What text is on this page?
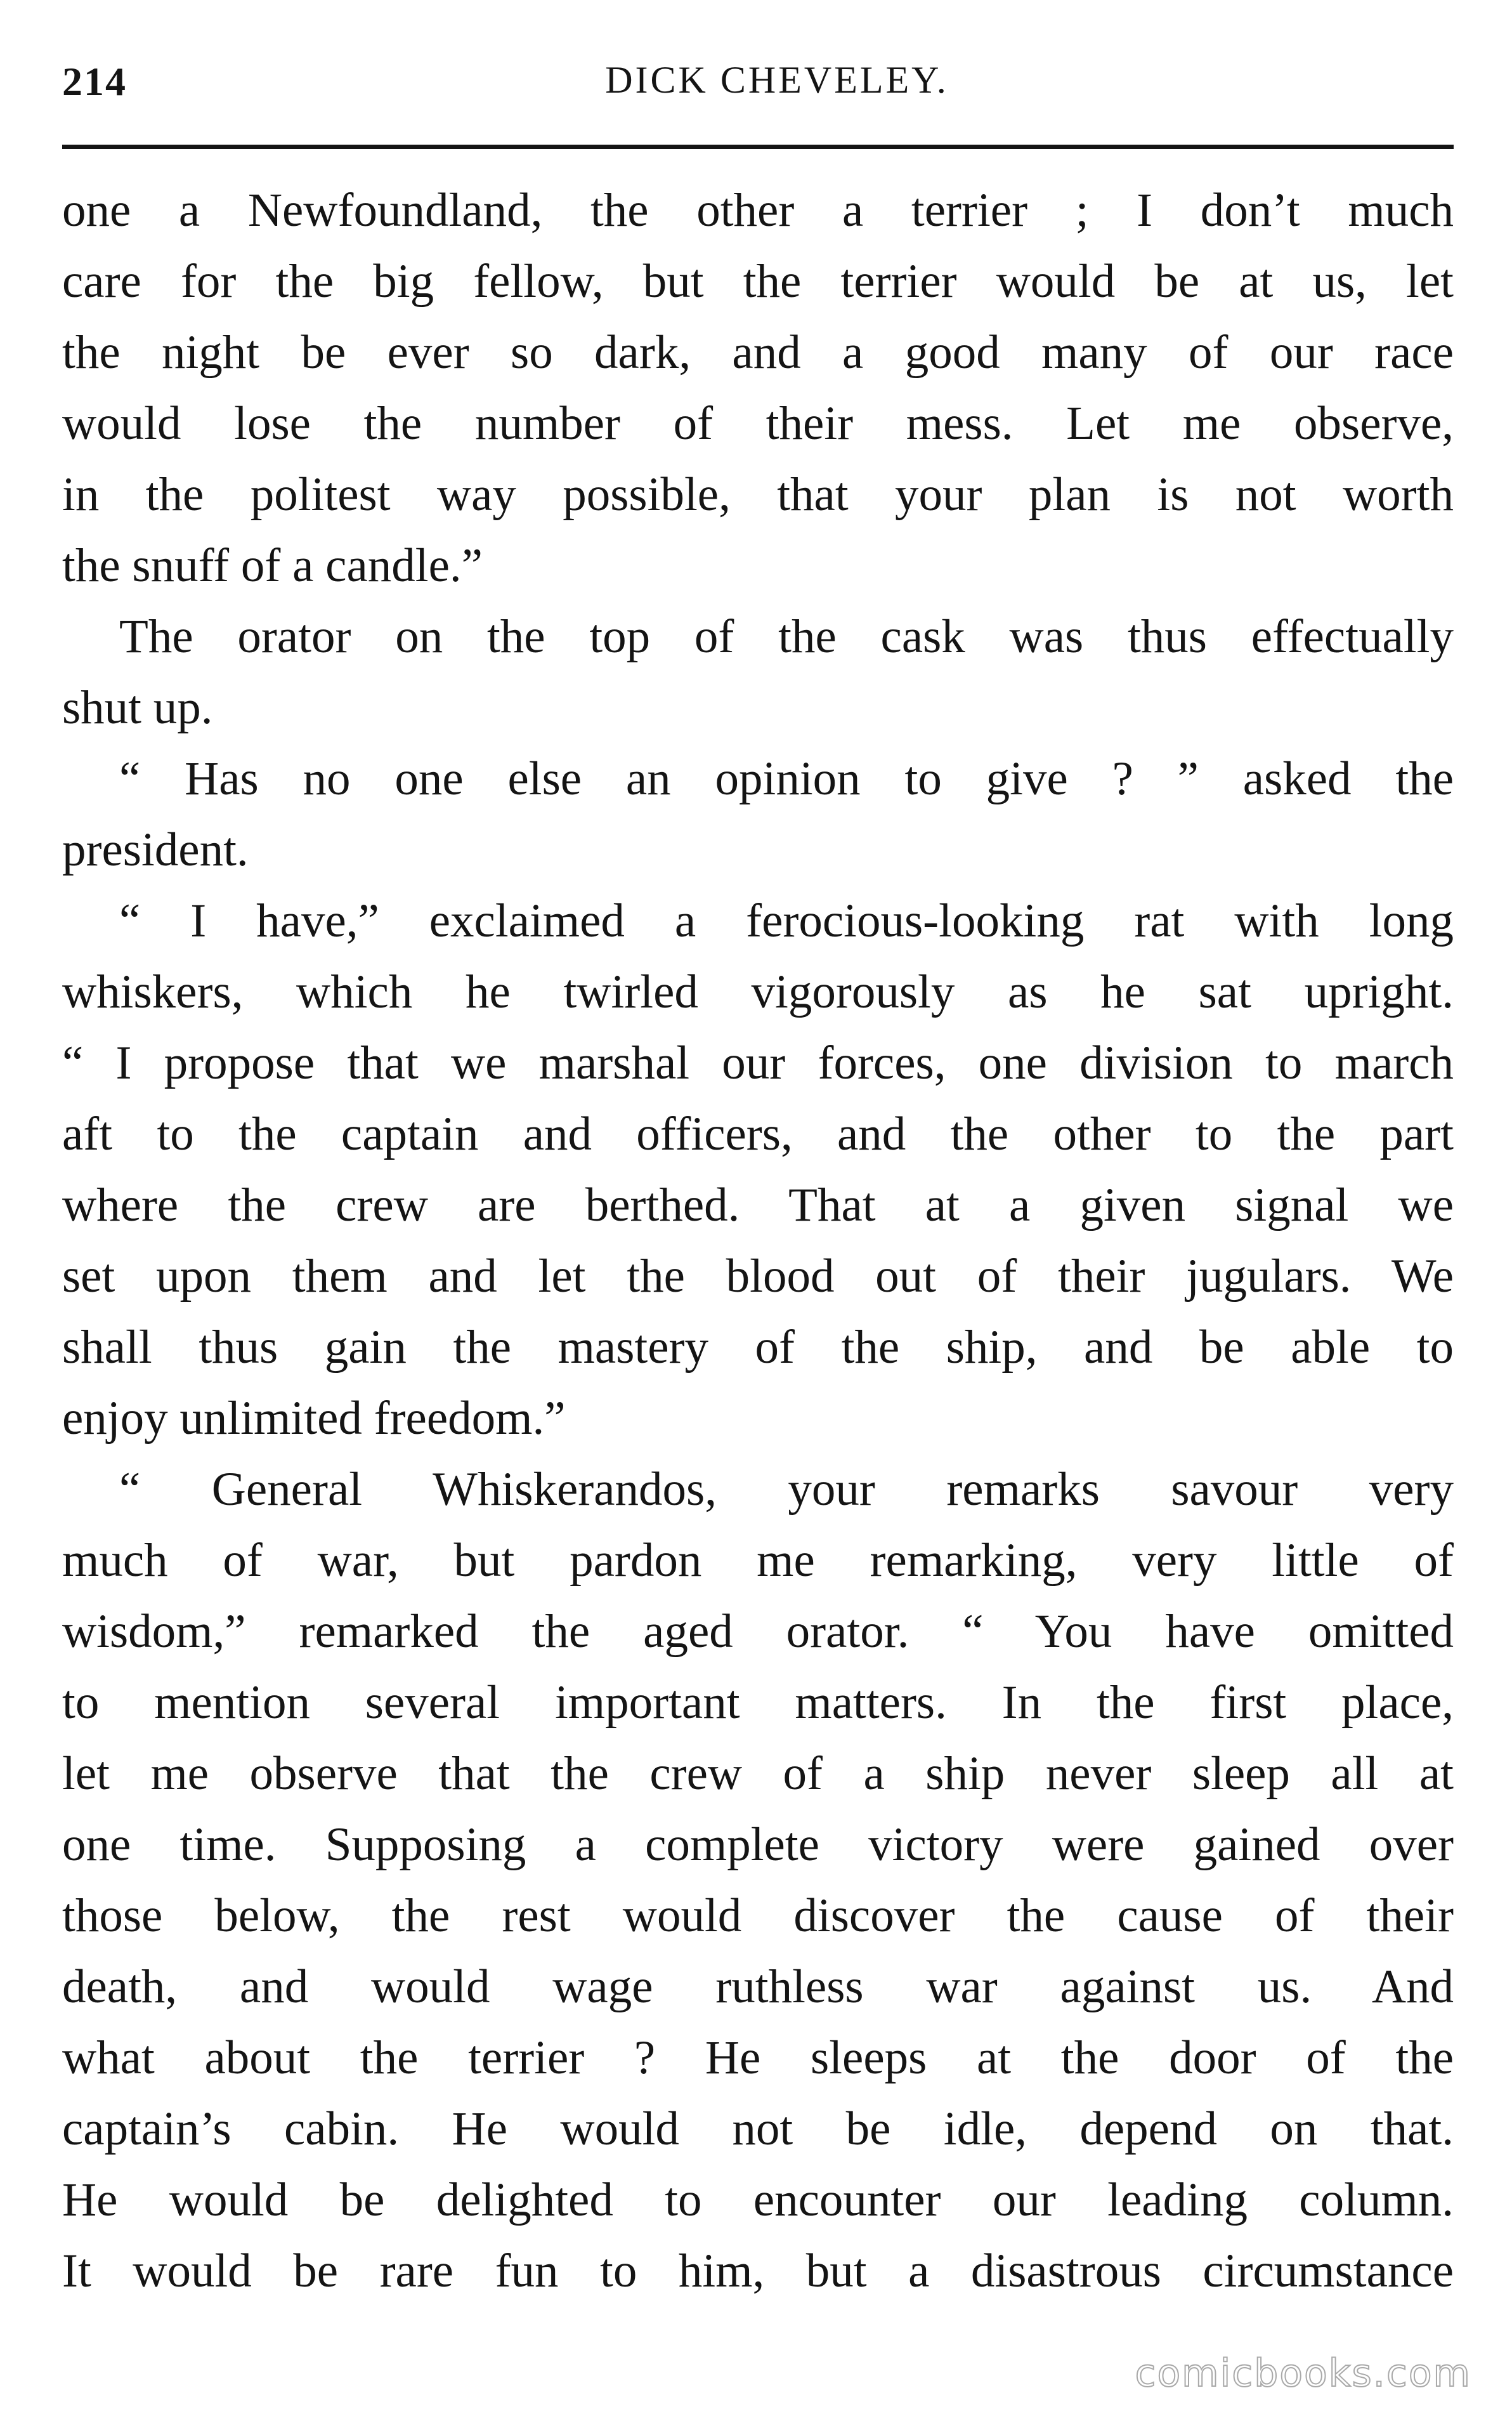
214	DICK CHEVELEY.
one a Newfoundland, the other a terrier ; I don’t much
care for the big fellow, but the terrier would be at us, let
the night be ever so dark, and a good many of our race
would lose the number of their mess. Let me observe,
in the politest way possible, that your plan is not worth
the snuff of a candle.”
The orator on the top of the cask was thus effectually
shut up.
“ Has no one else an opinion to give ? ” asked the
president.
“ I have,” exclaimed a ferocious-looking rat with long
whiskers, which he twirled vigorously as he sat upright.
“ I propose that we marshal our forces, one division to march
aft to the captain and officers, and the other to the part
where the crew are berthed. That at a given signal we
set upon them and let the blood out of their jugulars. We
shall thus gain the mastery of the ship, and be able to
enjoy unlimited freedom.”
“ General Whiskerandos, your remarks savour very
much of war, but pardon me remarking, very little of
wisdom,” remarked the aged orator. “ You have omitted
to mention several important matters. In the first place,
let me observe that the crew of a ship never sleep all at
one time. Supposing a complete victory were gained over
those below, the rest would discover the cause of their
death, and would wage ruthless war against us. And
what about the terrier ? He sleeps at the door of the
captain’s cabin. He would not be idle, depend on that.
He would be delighted to encounter our leading column.
It would be rare fun to him, but a disastrous circumstance
comicbooks.com
